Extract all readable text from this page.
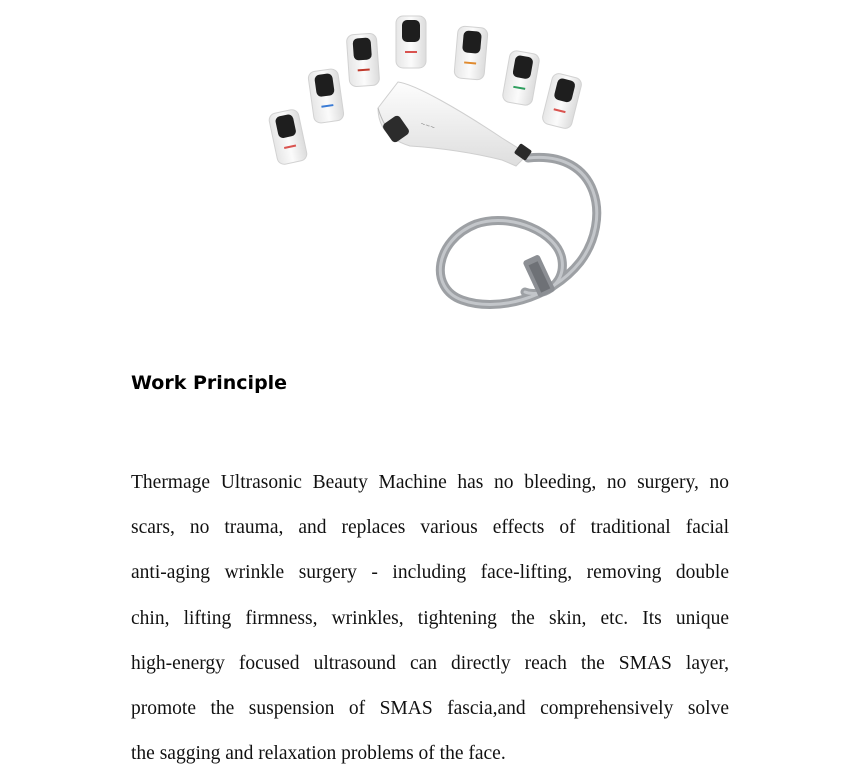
~~~
Work Principle
Thermage Ultrasonic Beauty Machine has no bleeding, no surgery, no
scars, no trauma, and replaces various effects of traditional facial
anti-aging wrinkle surgery - including face-lifting, removing double
chin, lifting firmness, wrinkles, tightening the skin, etc. Its unique
high-energy focused ultrasound can directly reach the SMAS layer,
promote the suspension of SMAS fascia,and comprehensively solve
the sagging and relaxation problems of the face.
